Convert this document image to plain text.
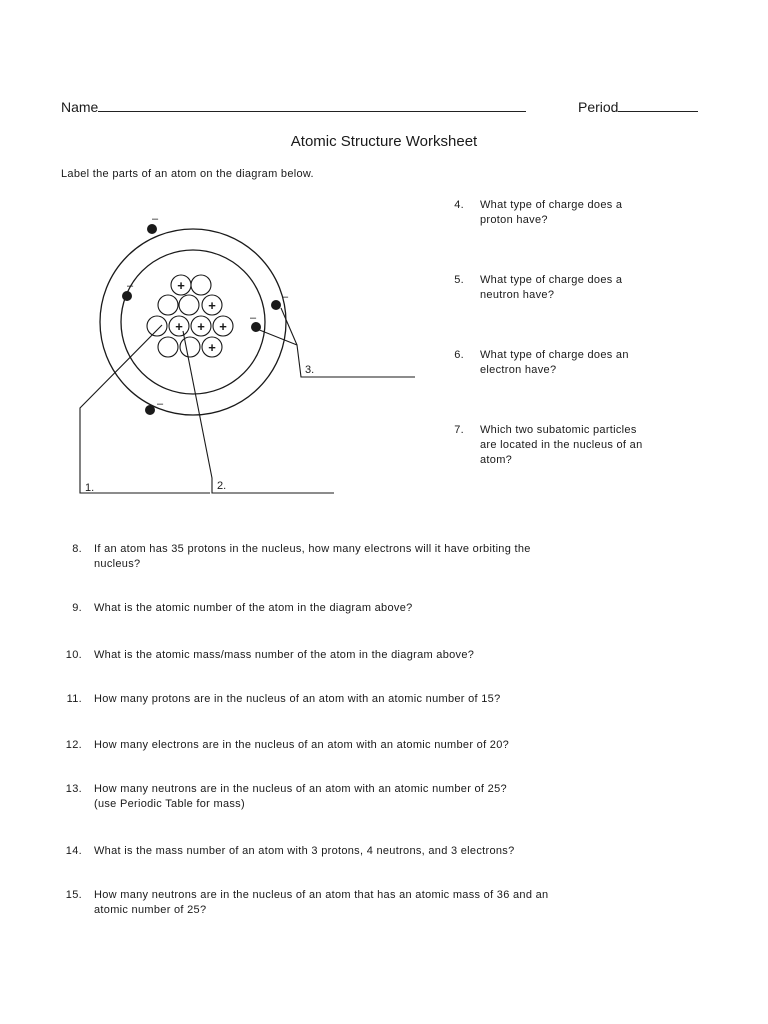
Name	Period
Atomic Structure Worksheet
Label the parts of an atom on the diagram below.
+
+
+ + +
+
–
–
–
–
–
1.	2.
3.
4. What type of charge does a
proton have?
5. What type of charge does a
neutron have?
6. What type of charge does an
electron have?
7. Which two subatomic particles
are located in the nucleus of an
atom?
8. If an atom has 35 protons in the nucleus, how many electrons will it have orbiting the
nucleus?
9. What is the atomic number of the atom in the diagram above?
10. What is the atomic mass/mass number of the atom in the diagram above?
11. How many protons are in the nucleus of an atom with an atomic number of 15?
12. How many electrons are in the nucleus of an atom with an atomic number of 20?
13. How many neutrons are in the nucleus of an atom with an atomic number of 25?
(use Periodic Table for mass)
14. What is the mass number of an atom with 3 protons, 4 neutrons, and 3 electrons?
15. How many neutrons are in the nucleus of an atom that has an atomic mass of 36 and an
atomic number of 25?
